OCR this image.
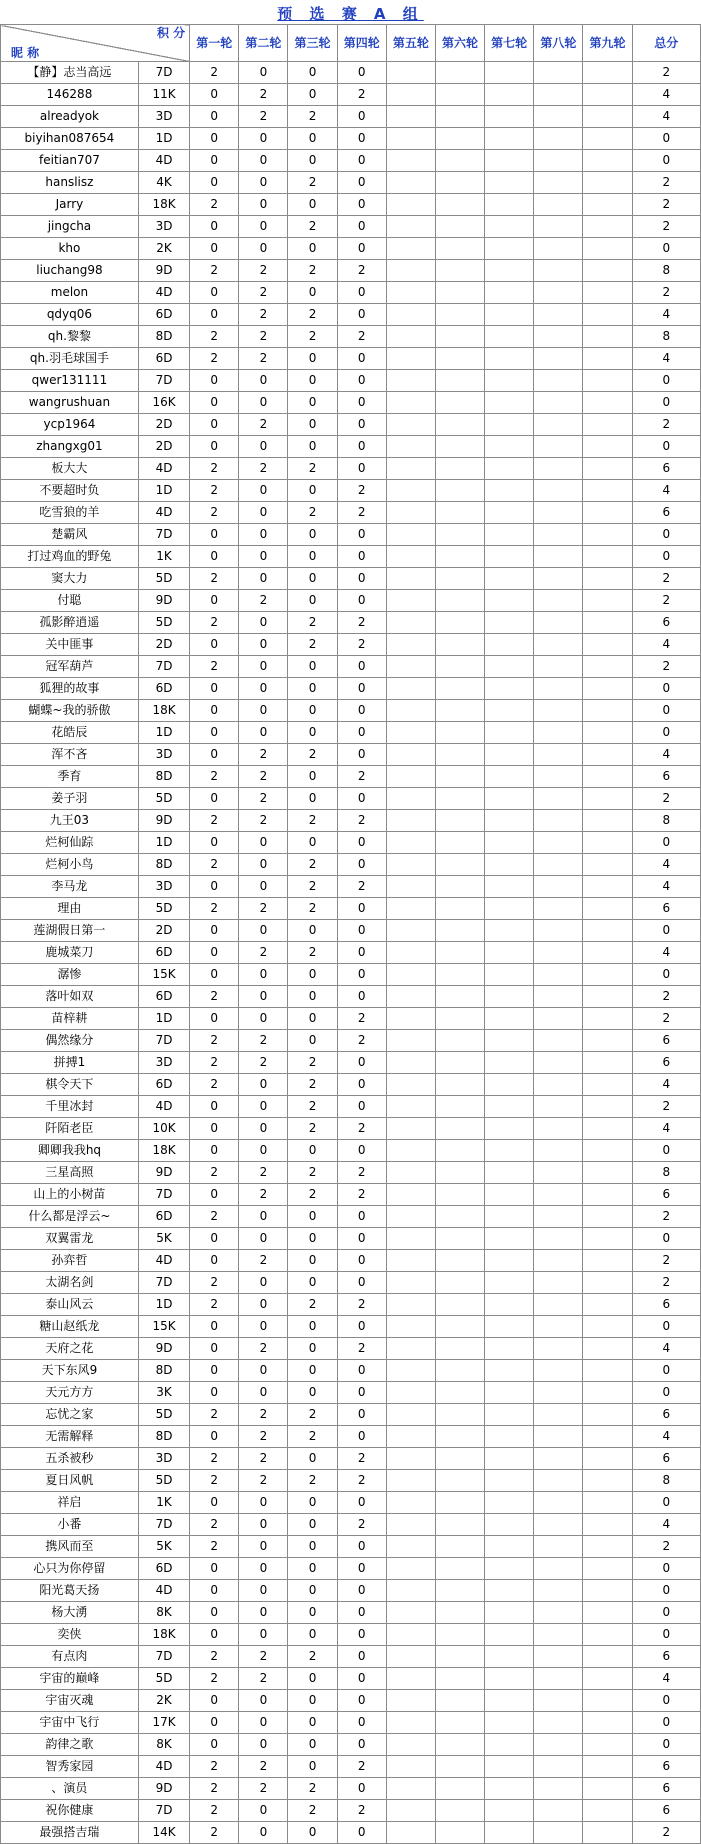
预 选 赛 A 组
积 分
昵 称		第一轮	第二轮	第三轮	第四轮	第五轮	第六轮	第七轮	第八轮	第九轮	总分
【静】志当高远	7D	2	0	0	0						2
146288	11K	0	2	0	2						4
alreadyok	3D	0	2	2	0						4
biyihan087654	1D	0	0	0	0						0
feitian707	4D	0	0	0	0						0
hanslisz	4K	0	0	2	0						2
Jarry	18K	2	0	0	0						2
jingcha	3D	0	0	2	0						2
kho	2K	0	0	0	0						0
liuchang98	9D	2	2	2	2						8
melon	4D	0	2	0	0						2
qdyq06	6D	0	2	2	0						4
qh.黎黎	8D	2	2	2	2						8
qh.羽毛球国手	6D	2	2	0	0						4
qwer131111	7D	0	0	0	0						0
wangrushuan	16K	0	0	0	0						0
ycp1964	2D	0	2	0	0						2
zhangxg01	2D	0	0	0	0						0
板大大	4D	2	2	2	0						6
不要超时负	1D	2	0	0	2						4
吃雪狼的羊	4D	2	0	2	2						6
楚霸风	7D	0	0	0	0						0
打过鸡血的野兔	1K	0	0	0	0						0
窦大力	5D	2	0	0	0						2
付聪	9D	0	2	0	0						2
孤影醉逍遥	5D	2	0	2	2						6
关中匪事	2D	0	0	2	2						4
冠军葫芦	7D	2	0	0	0						2
狐狸的故事	6D	0	0	0	0						0
蝴蝶~我的骄傲	18K	0	0	0	0						0
花皓辰	1D	0	0	0	0						0
浑不吝	3D	0	2	2	0						4
季育	8D	2	2	0	2						6
姜子羽	5D	0	2	0	0						2
九王03	9D	2	2	2	2						8
烂柯仙踪	1D	0	0	0	0						0
烂柯小鸟	8D	2	0	2	0						4
李马龙	3D	0	0	2	2						4
理由	5D	2	2	2	0						6
莲湖假日第一	2D	0	0	0	0						0
鹿城菜刀	6D	0	2	2	0						4
潺惨	15K	0	0	0	0						0
落叶如双	6D	2	0	0	0						2
苗梓耕	1D	0	0	0	2						2
偶然缘分	7D	2	2	0	2						6
拼搏1	3D	2	2	2	0						6
棋令天下	6D	2	0	2	0						4
千里冰封	4D	0	0	2	0						2
阡陌老臣	10K	0	0	2	2						4
卿卿我我hq	18K	0	0	0	0						0
三星高照	9D	2	2	2	2						8
山上的小树苗	7D	0	2	2	2						6
什么都是浮云~	6D	2	0	0	0						2
双翼雷龙	5K	0	0	0	0						0
孙弈哲	4D	0	2	0	0						2
太湖名剑	7D	2	0	0	0						2
泰山风云	1D	2	0	2	2						6
糖山赵纸龙	15K	0	0	0	0						0
天府之花	9D	0	2	0	2						4
天下东风9	8D	0	0	0	0						0
天元方方	3K	0	0	0	0						0
忘忧之家	5D	2	2	2	0						6
无需解释	8D	0	2	2	0						4
五杀被秒	3D	2	2	0	2						6
夏日风帆	5D	2	2	2	2						8
祥启	1K	0	0	0	0						0
小番	7D	2	0	0	2						4
携风而至	5K	2	0	0	0						2
心只为你停留	6D	0	0	0	0						0
阳光葛天扬	4D	0	0	0	0						0
杨大湧	8K	0	0	0	0						0
奕侠	18K	0	0	0	0						0
有点肉	7D	2	2	2	0						6
宇宙的巅峰	5D	2	2	0	0						4
宇宙灭魂	2K	0	0	0	0						0
宇宙中飞行	17K	0	0	0	0						0
韵律之歌	8K	0	0	0	0						0
智秀家园	4D	2	2	0	2						6
、演员	9D	2	2	2	0						6
祝你健康	7D	2	0	2	2						6
最强搭吉瑞	14K	2	0	0	0						2
